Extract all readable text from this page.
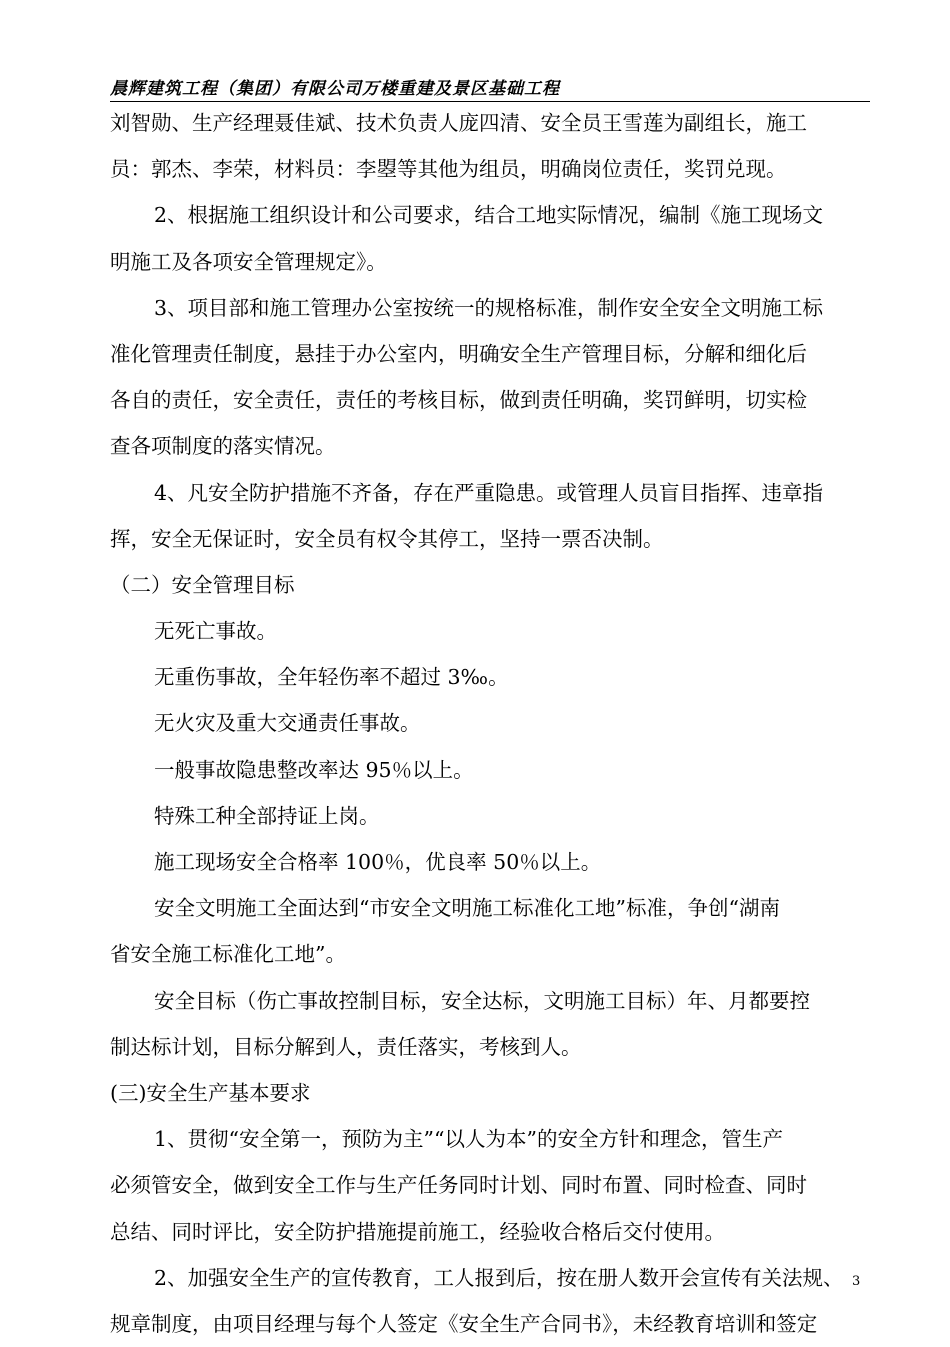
晨辉建筑工程（集团）有限公司万楼重建及景区基础工程
刘智勋、生产经理聂佳斌、技术负责人庞四清、安全员王雪莲为副组长，施工
员：郭杰、李荣，材料员：李曌等其他为组员，明确岗位责任，奖罚兑现。
2、根据施工组织设计和公司要求，结合工地实际情况，编制《施工现场文
明施工及各项安全管理规定》。
3、项目部和施工管理办公室按统一的规格标准，制作安全安全文明施工标
准化管理责任制度，悬挂于办公室内，明确安全生产管理目标，分解和细化后
各自的责任，安全责任，责任的考核目标，做到责任明确，奖罚鲜明，切实检
查各项制度的落实情况。
4、凡安全防护措施不齐备，存在严重隐患。或管理人员盲目指挥、违章指
挥，安全无保证时，安全员有权令其停工，坚持一票否决制。
（二）安全管理目标
无死亡事故。
无重伤事故，全年轻伤率不超过 3‰。
无火灾及重大交通责任事故。
一般事故隐患整改率达 95％以上。
特殊工种全部持证上岗。
施工现场安全合格率 100％，优良率 50％以上。
安全文明施工全面达到“市安全文明施工标准化工地”标准，争创“湖南
省安全施工标准化工地”。
安全目标（伤亡事故控制目标，安全达标，文明施工目标）年、月都要控
制达标计划，目标分解到人，责任落实，考核到人。
(三)安全生产基本要求
1、贯彻“安全第一，预防为主”“以人为本”的安全方针和理念，管生产
必须管安全，做到安全工作与生产任务同时计划、同时布置、同时检查、同时
总结、同时评比，安全防护措施提前施工，经验收合格后交付使用。
2、加强安全生产的宣传教育，工人报到后，按在册人数开会宣传有关法规、
规章制度，由项目经理与每个人签定《安全生产合同书》，未经教育培训和签定
3
